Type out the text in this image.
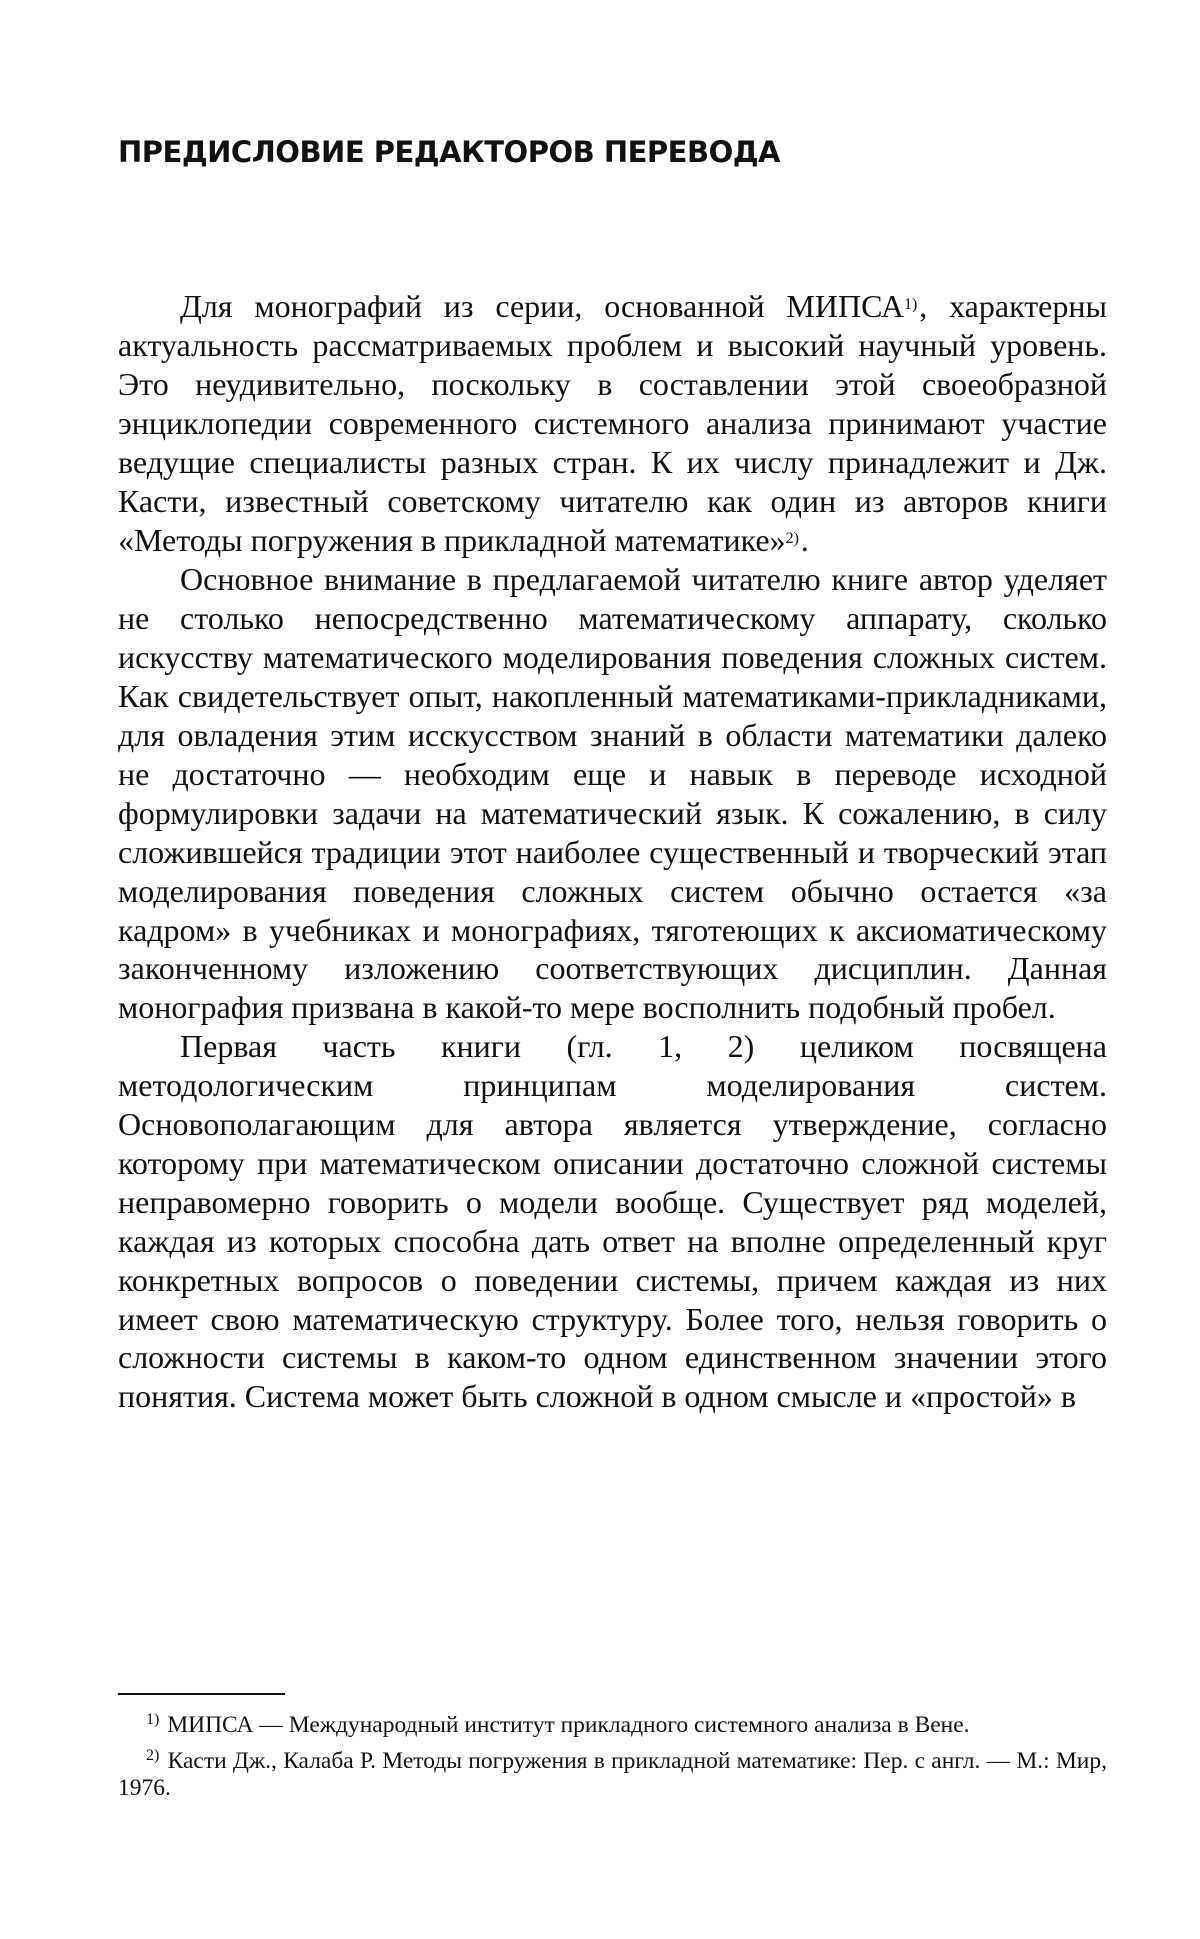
ПРЕДИСЛОВИЕ РЕДАКТОРОВ ПЕРЕВОДА

Для монографий из серии, основанной МИПСА$^{1)}$, характерны актуальность рассматриваемых проблем и высокий научный уровень. Это неудивительно, поскольку в составлении этой своеобразной энциклопедии современного системного анализа принимают участие ведущие специалисты разных стран. К их числу принадлежит и Дж. Касти, известный советскому читателю как один из авторов книги «Методы погружения в прикладной математике»$^{2)}$.

Основное внимание в предлагаемой читателю книге автор уделяет не столько непосредственно математическому аппарату, сколько искусству математического моделирования поведения сложных систем. Как свидетельствует опыт, накопленный математиками-прикладниками, для овладения этим исскусством знаний в области математики далеко не достаточно — необходим еще и навык в переводе исходной формулировки задачи на математический язык. К сожалению, в силу сложившейся традиции этот наиболее существенный и творческий этап моделирования поведения сложных систем обычно остается «за кадром» в учебниках и монографиях, тяготеющих к аксиоматическому законченному изложению соответствующих дисциплин. Данная монография призвана в какой-то мере восполнить подобный пробел.

Первая часть книги (гл. 1, 2) целиком посвящена методологическим принципам моделирования систем. Основополагающим для автора является утверждение, согласно которому при математическом описании достаточно сложной системы неправомерно говорить о модели вообще. Существует ряд моделей, каждая из которых способна дать ответ на вполне определенный круг конкретных вопросов о поведении системы, причем каждая из них имеет свою математическую структуру. Более того, нельзя говорить о сложности системы в каком-то одном единственном значении этого понятия. Система может быть сложной в одном смысле и «простой» в

$^{1)}$ МИПСА — Международный институт прикладного системного анализа в Вене.

$^{2)}$ Касти Дж., Калаба Р. Методы погружения в прикладной математике: Пер. с англ. — М.: Мир, 1976.
